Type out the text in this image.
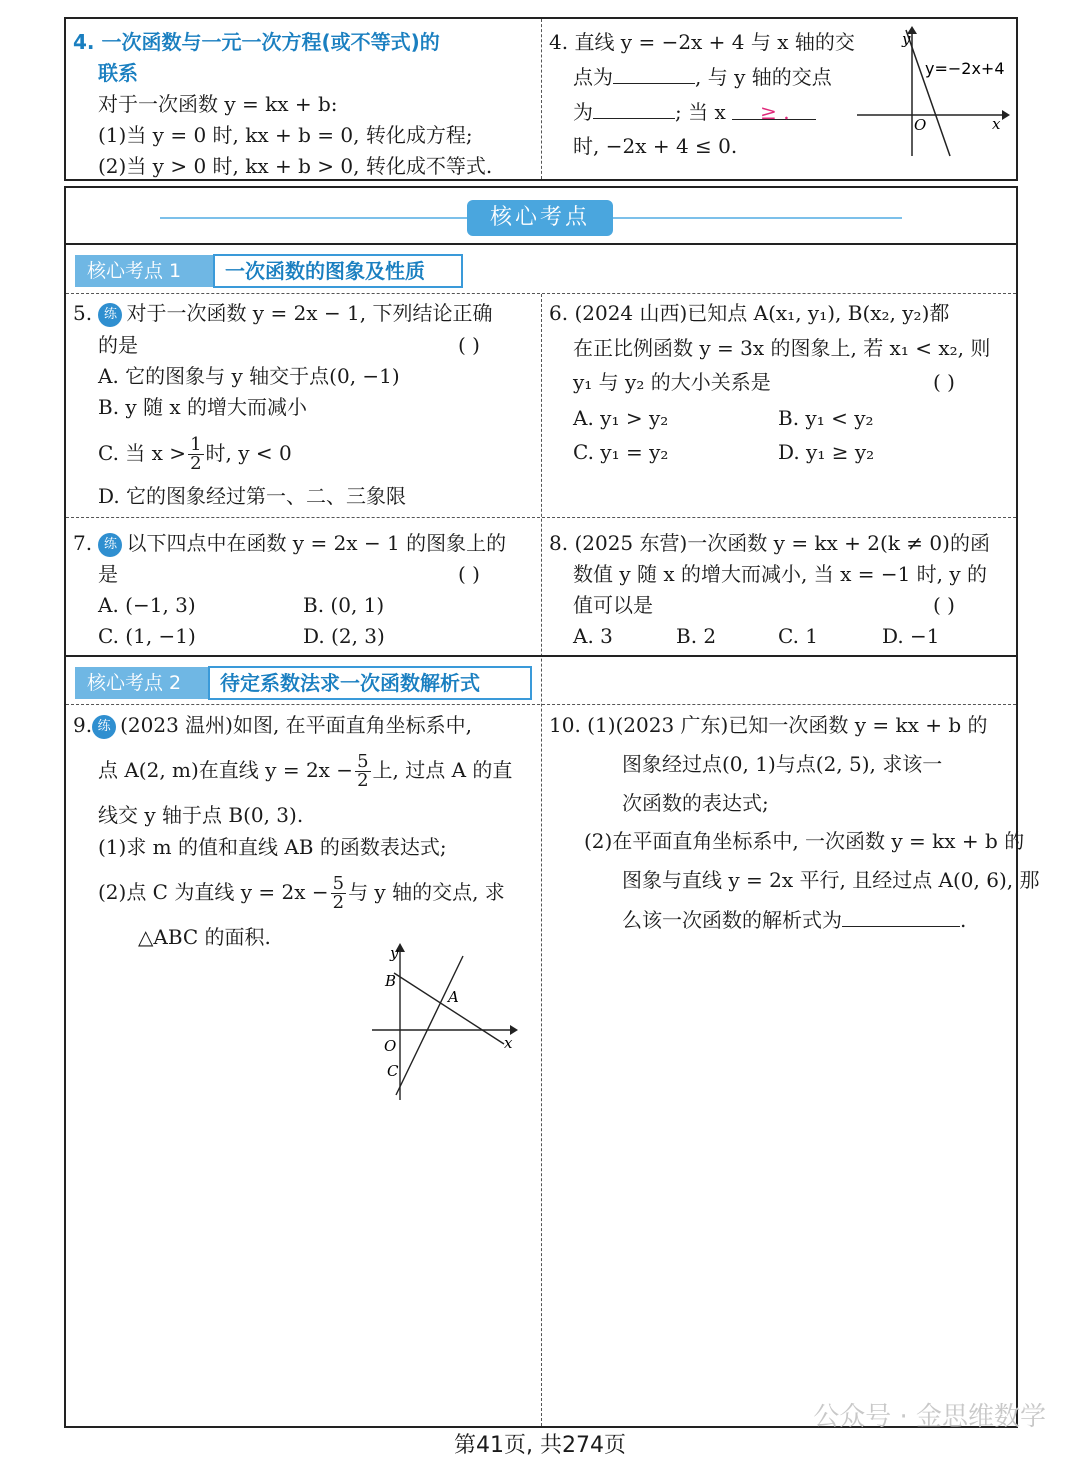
4. 一次函数与一元一次方程(或不等式)的
联系
对于一次函数 y = kx + b:
(1)当 y = 0 时, kx + b = 0, 转化成方程;
(2)当 y > 0 时, kx + b > 0, 转化成不等式.
4. 直线 y = −2x + 4 与 x 轴的交
点为	, 与 y 轴的交点
为	; 当 x ≥ .
时, −2x + 4 ≤ 0.
O	x
y
y=−2x+4
核心考点
核心考点 1	一次函数的图象及性质
5. 练 对于一次函数 y = 2x − 1, 下列结论正确
的是	( )
A. 它的图象与 y 轴交于点(0, −1)
B. y 随 x 的增大而减小
C. 当 $x > \frac{1}{2}$ 时, y < 0
D. 它的图象经过第一、二、三象限
6. (2024 山西)已知点 A(x₁, y₁), B(x₂, y₂)都
在正比例函数 y = 3x 的图象上, 若 x₁ < x₂, 则
y₁ 与 y₂ 的大小关系是	( )
A. y₁ > y₂	B. y₁ < y₂
C. y₁ = y₂	D. y₁ ≥ y₂
7. 练 以下四点中在函数 y = 2x − 1 的图象上的
是	( )
A. (−1, 3)	B. (0, 1)
C. (1, −1)	D. (2, 3)
8. (2025 东营)一次函数 y = kx + 2(k ≠ 0)的函
数值 y 随 x 的增大而减小, 当 x = −1 时, y 的
值可以是	( )
A. 3	B. 2	C. 1	D. −1
核心考点 2	待定系数法求一次函数解析式
9. 练 (2023 温州)如图, 在平面直角坐标系中,
点 A(2, m)在直线 $y = 2x - \frac{5}{2}$ 上, 过点 A 的直
线交 y 轴于点 B(0, 3).
(1)求 m 的值和直线 AB 的函数表达式;
(2)点 C 为直线 $y = 2x - \frac{5}{2}$ 与 y 轴的交点, 求
△ABC 的面积.
y
x
B
A
O
C
10. (1)(2023 广东)已知一次函数 y = kx + b 的
图象经过点(0, 1)与点(2, 5), 求该一
次函数的表达式;
(2)在平面直角坐标系中, 一次函数 y = kx + b 的
图象与直线 y = 2x 平行, 且经过点 A(0, 6), 那
么该一次函数的解析式为	.
公众号 · 金思维数学
第41页, 共274页
